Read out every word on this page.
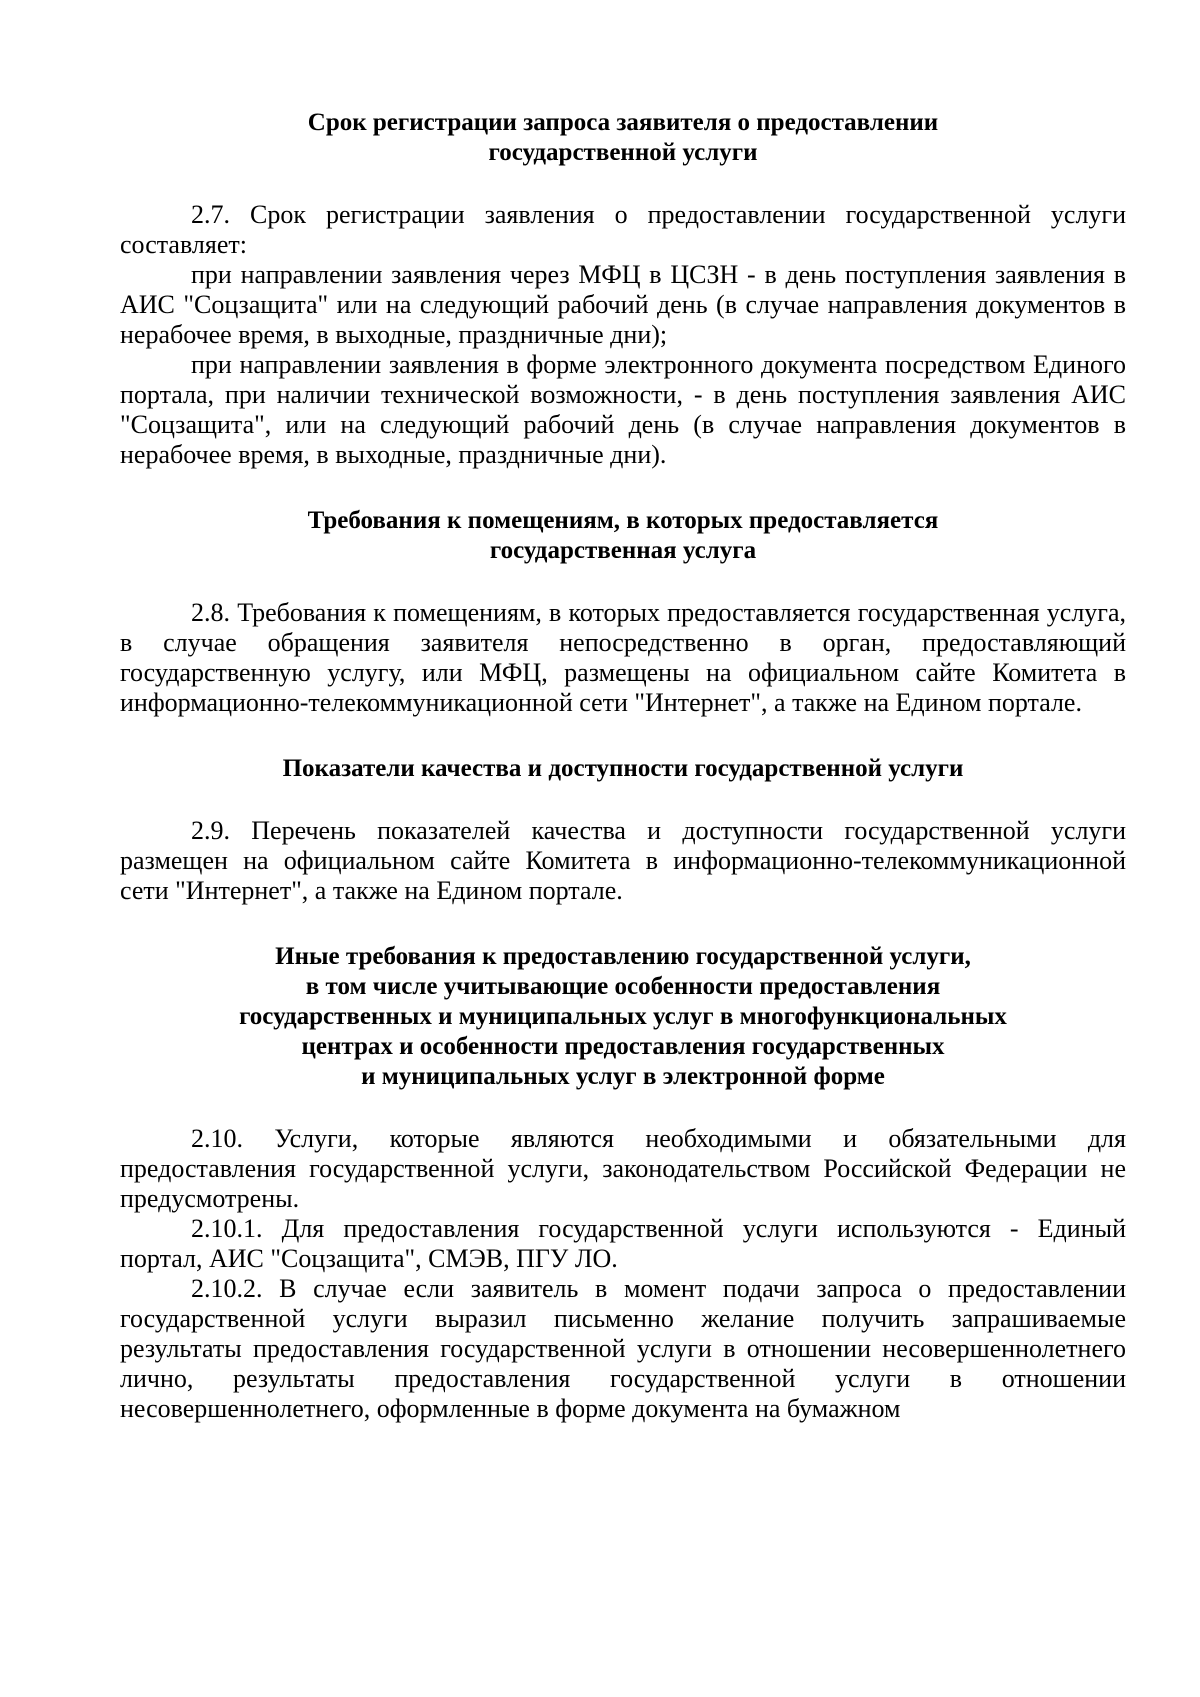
Срок регистрации запроса заявителя о предоставлении
государственной услуги

2.7. Срок регистрации заявления о предоставлении государственной услуги составляет:

при направлении заявления через МФЦ в ЦСЗН - в день поступления заявления в АИС "Соцзащита" или на следующий рабочий день (в случае направления документов в нерабочее время, в выходные, праздничные дни);

при направлении заявления в форме электронного документа посредством Единого портала, при наличии технической возможности, - в день поступления заявления АИС "Соцзащита", или на следующий рабочий день (в случае направления документов в нерабочее время, в выходные, праздничные дни).

Требования к помещениям, в которых предоставляется
государственная услуга

2.8. Требования к помещениям, в которых предоставляется государственная услуга, в случае обращения заявителя непосредственно в орган, предоставляющий государственную услугу, или МФЦ, размещены на официальном сайте Комитета в информационно-телекоммуникационной сети "Интернет", а также на Едином портале.

Показатели качества и доступности государственной услуги

2.9. Перечень показателей качества и доступности государственной услуги размещен на официальном сайте Комитета в информационно-телекоммуникационной сети "Интернет", а также на Едином портале.

Иные требования к предоставлению государственной услуги,
в том числе учитывающие особенности предоставления
государственных и муниципальных услуг в многофункциональных
центрах и особенности предоставления государственных
и муниципальных услуг в электронной форме

2.10. Услуги, которые являются необходимыми и обязательными для предоставления государственной услуги, законодательством Российской Федерации не предусмотрены.

2.10.1. Для предоставления государственной услуги используются - Единый портал, АИС "Соцзащита", СМЭВ, ПГУ ЛО.

2.10.2. В случае если заявитель в момент подачи запроса о предоставлении государственной услуги выразил письменно желание получить запрашиваемые результаты предоставления государственной услуги в отношении несовершеннолетнего лично, результаты предоставления государственной услуги в отношении несовершеннолетнего, оформленные в форме документа на бумажном
